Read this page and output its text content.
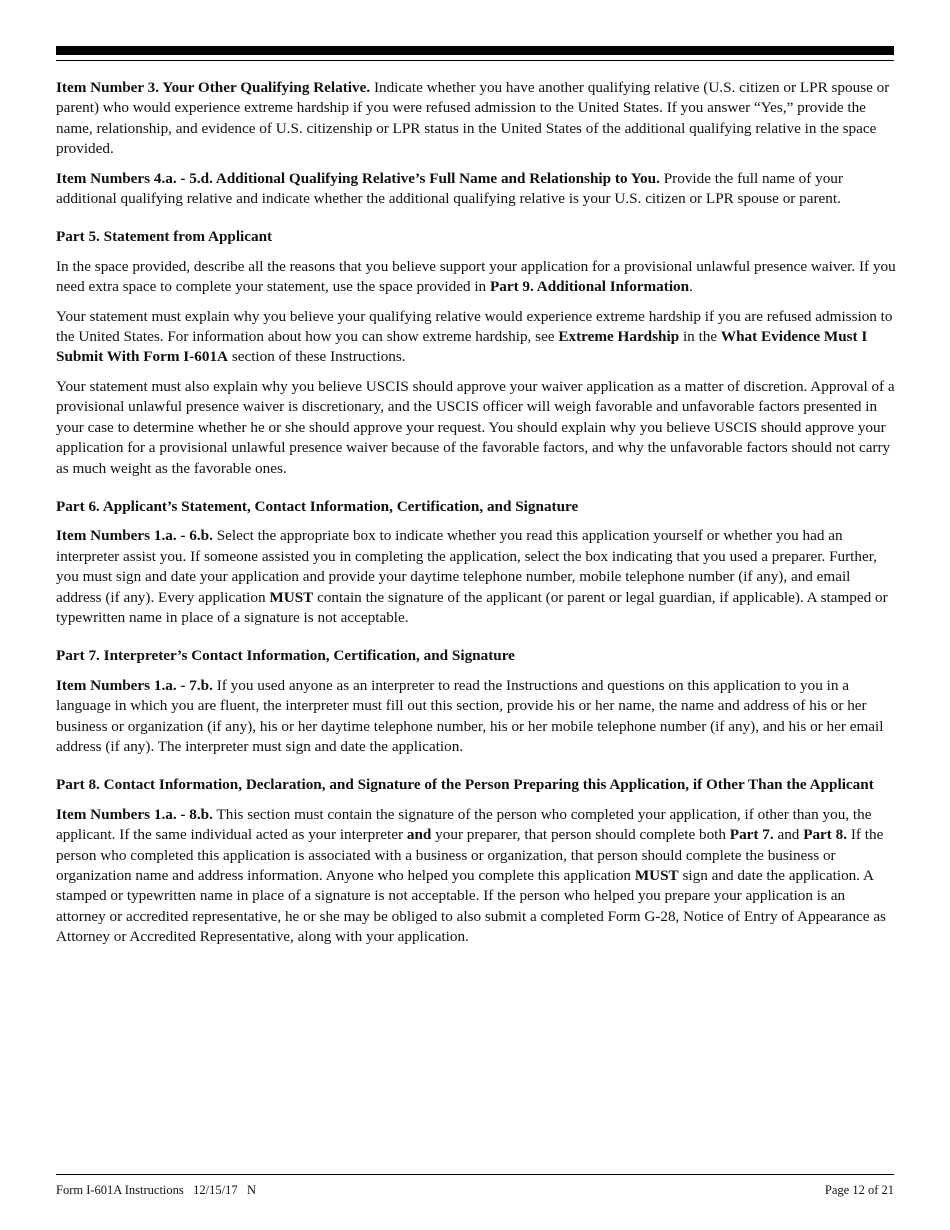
Item Number 3. Your Other Qualifying Relative. Indicate whether you have another qualifying relative (U.S. citizen or LPR spouse or parent) who would experience extreme hardship if you were refused admission to the United States. If you answer “Yes,” provide the name, relationship, and evidence of U.S. citizenship or LPR status in the United States of the additional qualifying relative in the space provided.

Item Numbers 4.a. - 5.d. Additional Qualifying Relative’s Full Name and Relationship to You. Provide the full name of your additional qualifying relative and indicate whether the additional qualifying relative is your U.S. citizen or LPR spouse or parent.

Part 5. Statement from Applicant

In the space provided, describe all the reasons that you believe support your application for a provisional unlawful presence waiver. If you need extra space to complete your statement, use the space provided in Part 9. Additional Information.

Your statement must explain why you believe your qualifying relative would experience extreme hardship if you are refused admission to the United States. For information about how you can show extreme hardship, see Extreme Hardship in the What Evidence Must I Submit With Form I-601A section of these Instructions.

Your statement must also explain why you believe USCIS should approve your waiver application as a matter of discretion. Approval of a provisional unlawful presence waiver is discretionary, and the USCIS officer will weigh favorable and unfavorable factors presented in your case to determine whether he or she should approve your request. You should explain why you believe USCIS should approve your application for a provisional unlawful presence waiver because of the favorable factors, and why the unfavorable factors should not carry as much weight as the favorable ones.

Part 6. Applicant’s Statement, Contact Information, Certification, and Signature

Item Numbers 1.a. - 6.b. Select the appropriate box to indicate whether you read this application yourself or whether you had an interpreter assist you. If someone assisted you in completing the application, select the box indicating that you used a preparer. Further, you must sign and date your application and provide your daytime telephone number, mobile telephone number (if any), and email address (if any). Every application MUST contain the signature of the applicant (or parent or legal guardian, if applicable). A stamped or typewritten name in place of a signature is not acceptable.

Part 7. Interpreter’s Contact Information, Certification, and Signature

Item Numbers 1.a. - 7.b. If you used anyone as an interpreter to read the Instructions and questions on this application to you in a language in which you are fluent, the interpreter must fill out this section, provide his or her name, the name and address of his or her business or organization (if any), his or her daytime telephone number, his or her mobile telephone number (if any), and his or her email address (if any). The interpreter must sign and date the application.

Part 8. Contact Information, Declaration, and Signature of the Person Preparing this Application, if Other Than the Applicant

Item Numbers 1.a. - 8.b. This section must contain the signature of the person who completed your application, if other than you, the applicant. If the same individual acted as your interpreter and your preparer, that person should complete both Part 7. and Part 8. If the person who completed this application is associated with a business or organization, that person should complete the business or organization name and address information. Anyone who helped you complete this application MUST sign and date the application. A stamped or typewritten name in place of a signature is not acceptable. If the person who helped you prepare your application is an attorney or accredited representative, he or she may be obliged to also submit a completed Form G-28, Notice of Entry of Appearance as Attorney or Accredited Representative, along with your application.

Form I-601A Instructions   12/15/17   N	Page 12 of 21
